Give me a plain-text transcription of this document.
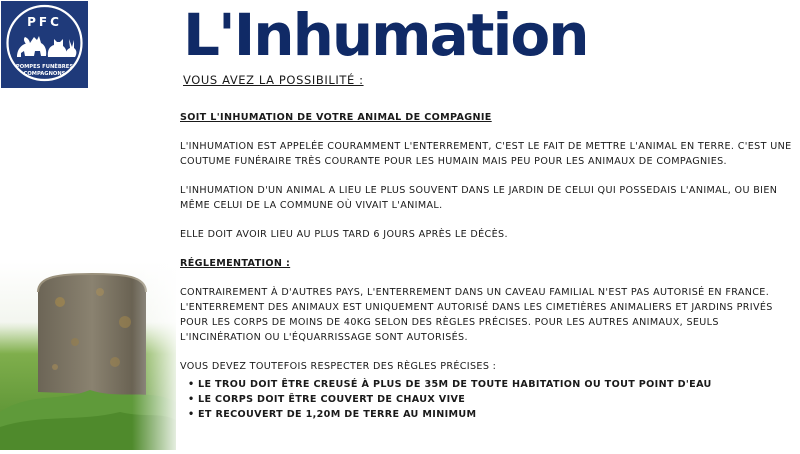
PFC
POMPES FUNÈBRES
COMPAGNONS
L'Inhumation
VOUS AVEZ LA POSSIBILITÉ :

SOIT L'INHUMATION DE VOTRE ANIMAL DE COMPAGNIE

L'INHUMATION EST APPELÉE COURAMMENT L'ENTERREMENT, C'EST LE FAIT DE METTRE L'ANIMAL EN TERRE. C'EST UNE COUTUME FUNÉRAIRE TRÈS COURANTE POUR LES HUMAIN MAIS PEU POUR LES ANIMAUX DE COMPAGNIES.

L'INHUMATION D'UN ANIMAL A LIEU LE PLUS SOUVENT DANS LE JARDIN DE CELUI QUI POSSEDAIS L'ANIMAL, OU BIEN MÊME CELUI DE LA COMMUNE OÙ VIVAIT L'ANIMAL.

ELLE DOIT AVOIR LIEU AU PLUS TARD 6 JOURS APRÈS LE DÉCÈS.

RÉGLEMENTATION :

CONTRAIREMENT À D'AUTRES PAYS, L'ENTERREMENT DANS UN CAVEAU FAMILIAL N'EST PAS AUTORISÉ EN FRANCE. L'ENTERREMENT DES ANIMAUX EST UNIQUEMENT AUTORISÉ DANS LES CIMETIÈRES ANIMALIERS ET JARDINS PRIVÉS POUR LES CORPS DE MOINS DE 40KG SELON DES RÈGLES PRÉCISES. POUR LES AUTRES ANIMAUX, SEULS L'INCINÉRATION OU L'ÉQUARRISSAGE SONT AUTORISÉS.

VOUS DEVEZ TOUTEFOIS RESPECTER DES RÈGLES PRÉCISES :

• LE TROU DOIT ÊTRE CREUSÉ À PLUS DE 35M DE TOUTE HABITATION OU TOUT POINT D'EAU
• LE CORPS DOIT ÊTRE COUVERT DE CHAUX VIVE
• ET RECOUVERT DE 1,20M DE TERRE AU MINIMUM
